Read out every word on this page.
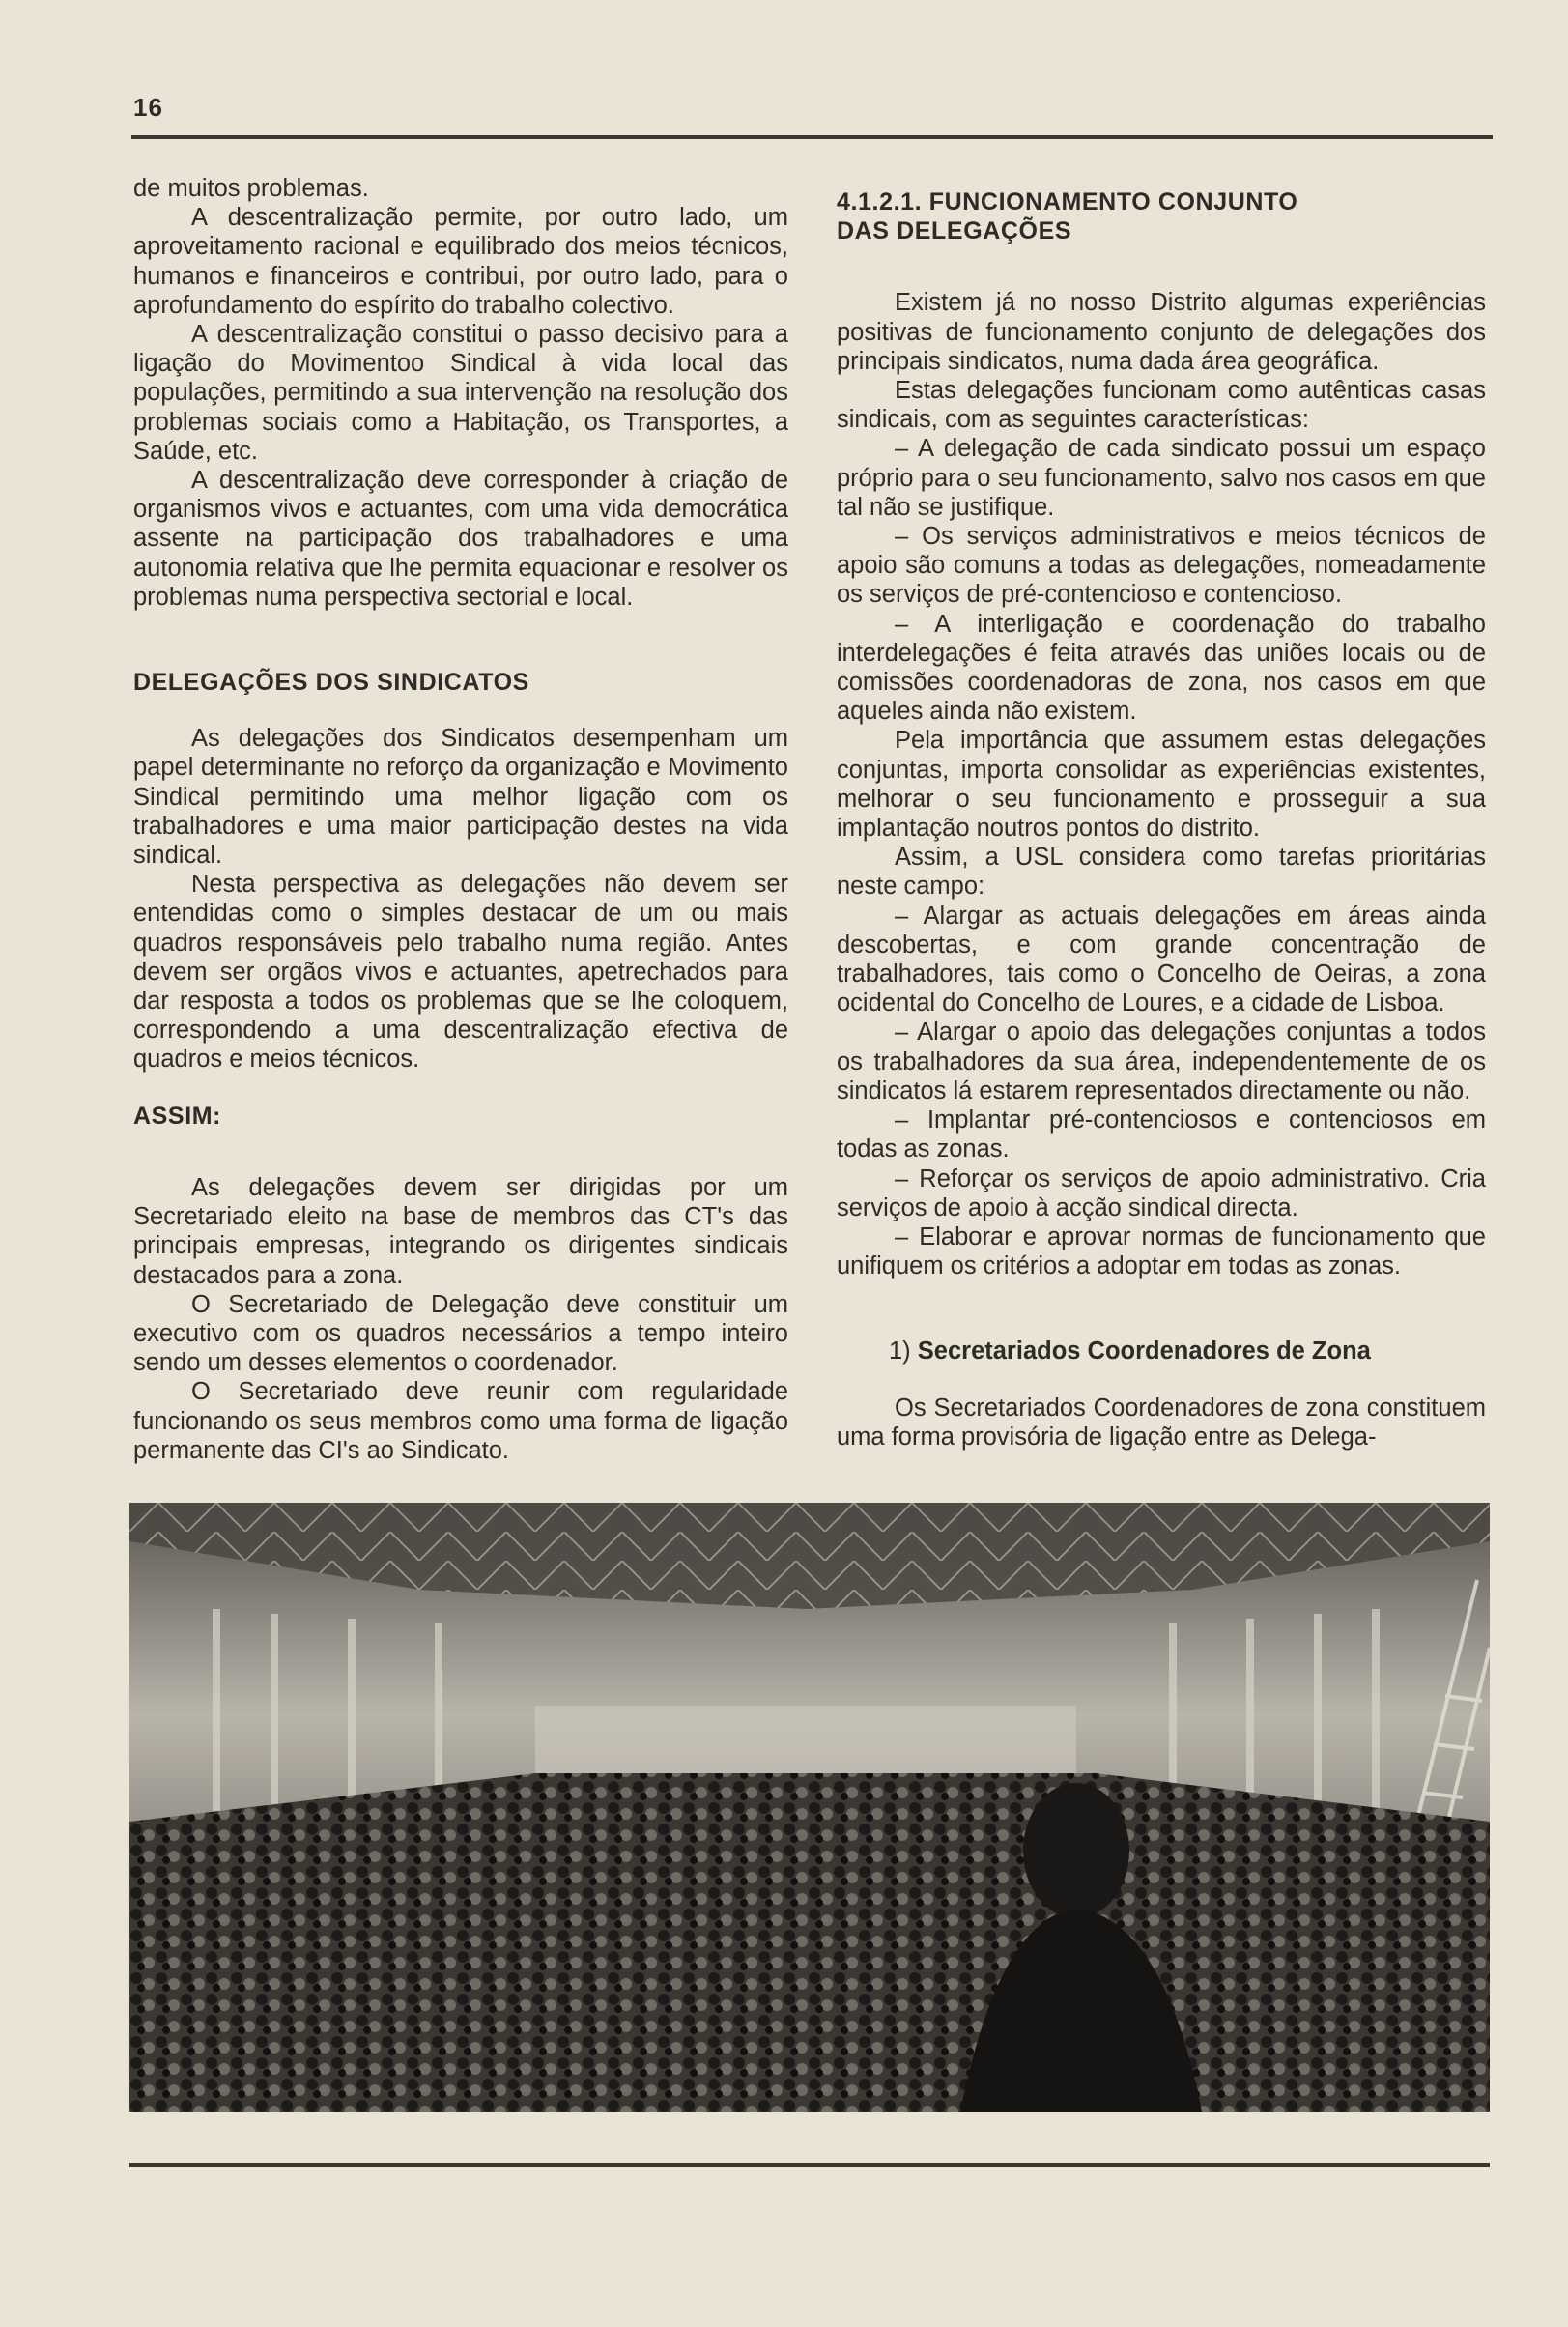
16

de muitos problemas.

A descentralização permite, por outro lado, um aproveitamento racional e equilibrado dos meios técnicos, humanos e financeiros e contribui, por outro lado, para o aprofundamento do espírito do trabalho colectivo.

A descentralização constitui o passo decisivo para a ligação do Movimentoo Sindical à vida local das populações, permitindo a sua intervenção na resolução dos problemas sociais como a Habitação, os Transportes, a Saúde, etc.

A descentralização deve corresponder à criação de organismos vivos e actuantes, com uma vida democrática assente na participação dos trabalhadores e uma autonomia relativa que lhe permita equacionar e resolver os problemas numa perspectiva sectorial e local.

DELEGAÇÕES DOS SINDICATOS

As delegações dos Sindicatos desempenham um papel determinante no reforço da organização e Movimento Sindical permitindo uma melhor ligação com os trabalhadores e uma maior participação destes na vida sindical.

Nesta perspectiva as delegações não devem ser entendidas como o simples destacar de um ou mais quadros responsáveis pelo trabalho numa região. Antes devem ser orgãos vivos e actuantes, apetrechados para dar resposta a todos os problemas que se lhe coloquem, correspondendo a uma descentralização efectiva de quadros e meios técnicos.

ASSIM:

As delegações devem ser dirigidas por um Secretariado eleito na base de membros das CT's das principais empresas, integrando os dirigentes sindicais destacados para a zona.

O Secretariado de Delegação deve constituir um executivo com os quadros necessários a tempo inteiro sendo um desses elementos o coordenador.

O Secretariado deve reunir com regularidade funcionando os seus membros como uma forma de ligação permanente das CI's ao Sindicato.

4.1.2.1. FUNCIONAMENTO CONJUNTO DAS DELEGAÇÕES

Existem já no nosso Distrito algumas experiências positivas de funcionamento conjunto de delegações dos principais sindicatos, numa dada área geográfica.

Estas delegações funcionam como autênticas casas sindicais, com as seguintes características:

– A delegação de cada sindicato possui um espaço próprio para o seu funcionamento, salvo nos casos em que tal não se justifique.

– Os serviços administrativos e meios técnicos de apoio são comuns a todas as delegações, nomeadamente os serviços de pré-contencioso e contencioso.

– A interligação e coordenação do trabalho interdelegações é feita através das uniões locais ou de comissões coordenadoras de zona, nos casos em que aqueles ainda não existem.

Pela importância que assumem estas delegações conjuntas, importa consolidar as experiências existentes, melhorar o seu funcionamento e prosseguir a sua implantação noutros pontos do distrito.

Assim, a USL considera como tarefas prioritárias neste campo:

– Alargar as actuais delegações em áreas ainda descobertas, e com grande concentração de trabalhadores, tais como o Concelho de Oeiras, a zona ocidental do Concelho de Loures, e a cidade de Lisboa.

– Alargar o apoio das delegações conjuntas a todos os trabalhadores da sua área, independentemente de os sindicatos lá estarem representados directamente ou não.

– Implantar pré-contenciosos e contenciosos em todas as zonas.

– Reforçar os serviços de apoio administrativo. Cria serviços de apoio à acção sindical directa.

– Elaborar e aprovar normas de funcionamento que unifiquem os critérios a adoptar em todas as zonas.

1) Secretariados Coordenadores de Zona

Os Secretariados Coordenadores de zona constituem uma forma provisória de ligação entre as Delega-
